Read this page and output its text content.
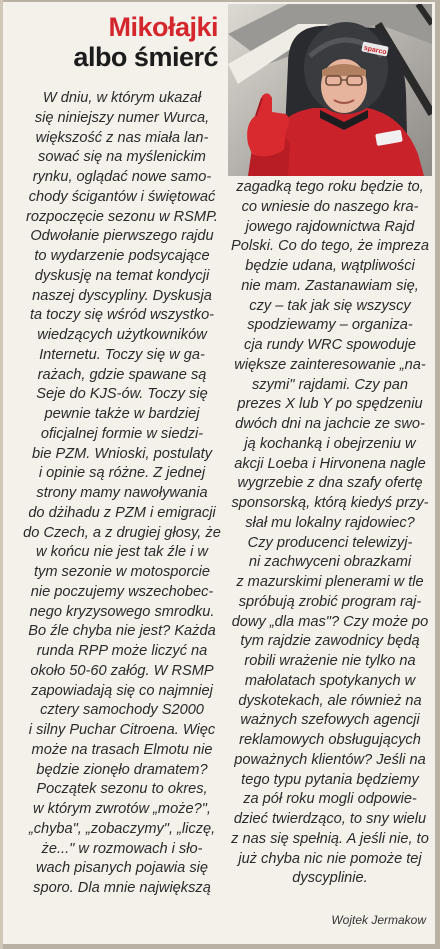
Mikołajki
albo śmierć	sparco
W dniu, w którym ukazał
się niniejszy numer Wurca,
większość z nas miała lan-
sować się na myślenickim
rynku, oglądać nowe samo-
chody ścigantów i świętować
rozpoczęcie sezonu w RSMP.
Odwołanie pierwszego rajdu
to wydarzenie podsycające
dyskusję na temat kondycji
naszej dyscypliny. Dyskusja
ta toczy się wśród wszystko-
wiedzących użytkowników
Internetu. Toczy się w ga-
rażach, gdzie spawane są
Seje do KJS-ów. Toczy się
pewnie także w bardziej
oficjalnej formie w siedzi-
bie PZM. Wnioski, postulaty
i opinie są różne. Z jednej
strony mamy nawoływania
do dżihadu z PZM i emigracji
do Czech, a z drugiej głosy, że
w końcu nie jest tak źle i w
tym sezonie w motosporcie
nie poczujemy wszechobec-
nego kryzysowego smrodku.
Bo źle chyba nie jest? Każda
runda RPP może liczyć na
około 50-60 załóg. W RSMP
zapowiadają się co najmniej
cztery samochody S2000
i silny Puchar Citroena. Więc
może na trasach Elmotu nie
będzie zionęło dramatem?
Początek sezonu to okres,
w którym zwrotów „może?",
„chyba", „zobaczymy", „liczę,
że..." w rozmowach i sło-
wach pisanych pojawia się
sporo. Dla mnie największą
zagadką tego roku będzie to,
co wniesie do naszego kra-
jowego rajdownictwa Rajd
Polski. Co do tego, że impreza
będzie udana, wątpliwości
nie mam. Zastanawiam się,
czy – tak jak się wszyscy
spodziewamy – organiza-
cja rundy WRC spowoduje
większe zainteresowanie „na-
szymi" rajdami. Czy pan
prezes X lub Y po spędzeniu
dwóch dni na jachcie ze swo-
ją kochanką i obejrzeniu w
akcji Loeba i Hirvonena nagle
wygrzebie z dna szafy ofertę
sponsorską, którą kiedyś przy-
słał mu lokalny rajdowiec?
Czy producenci telewizyj-
ni zachwyceni obrazkami
z mazurskimi plenerami w tle
spróbują zrobić program raj-
dowy „dla mas"? Czy może po
tym rajdzie zawodnicy będą
robili wrażenie nie tylko na
małolatach spotykanych w
dyskotekach, ale również na
ważnych szefowych agencji
reklamowych obsługujących
poważnych klientów? Jeśli na
tego typu pytania będziemy
za pół roku mogli odpowie-
dzieć twierdząco, to sny wielu
z nas się spełnią. A jeśli nie, to
już chyba nic nie pomoże tej
dyscyplinie.
Wojtek Jermakow
